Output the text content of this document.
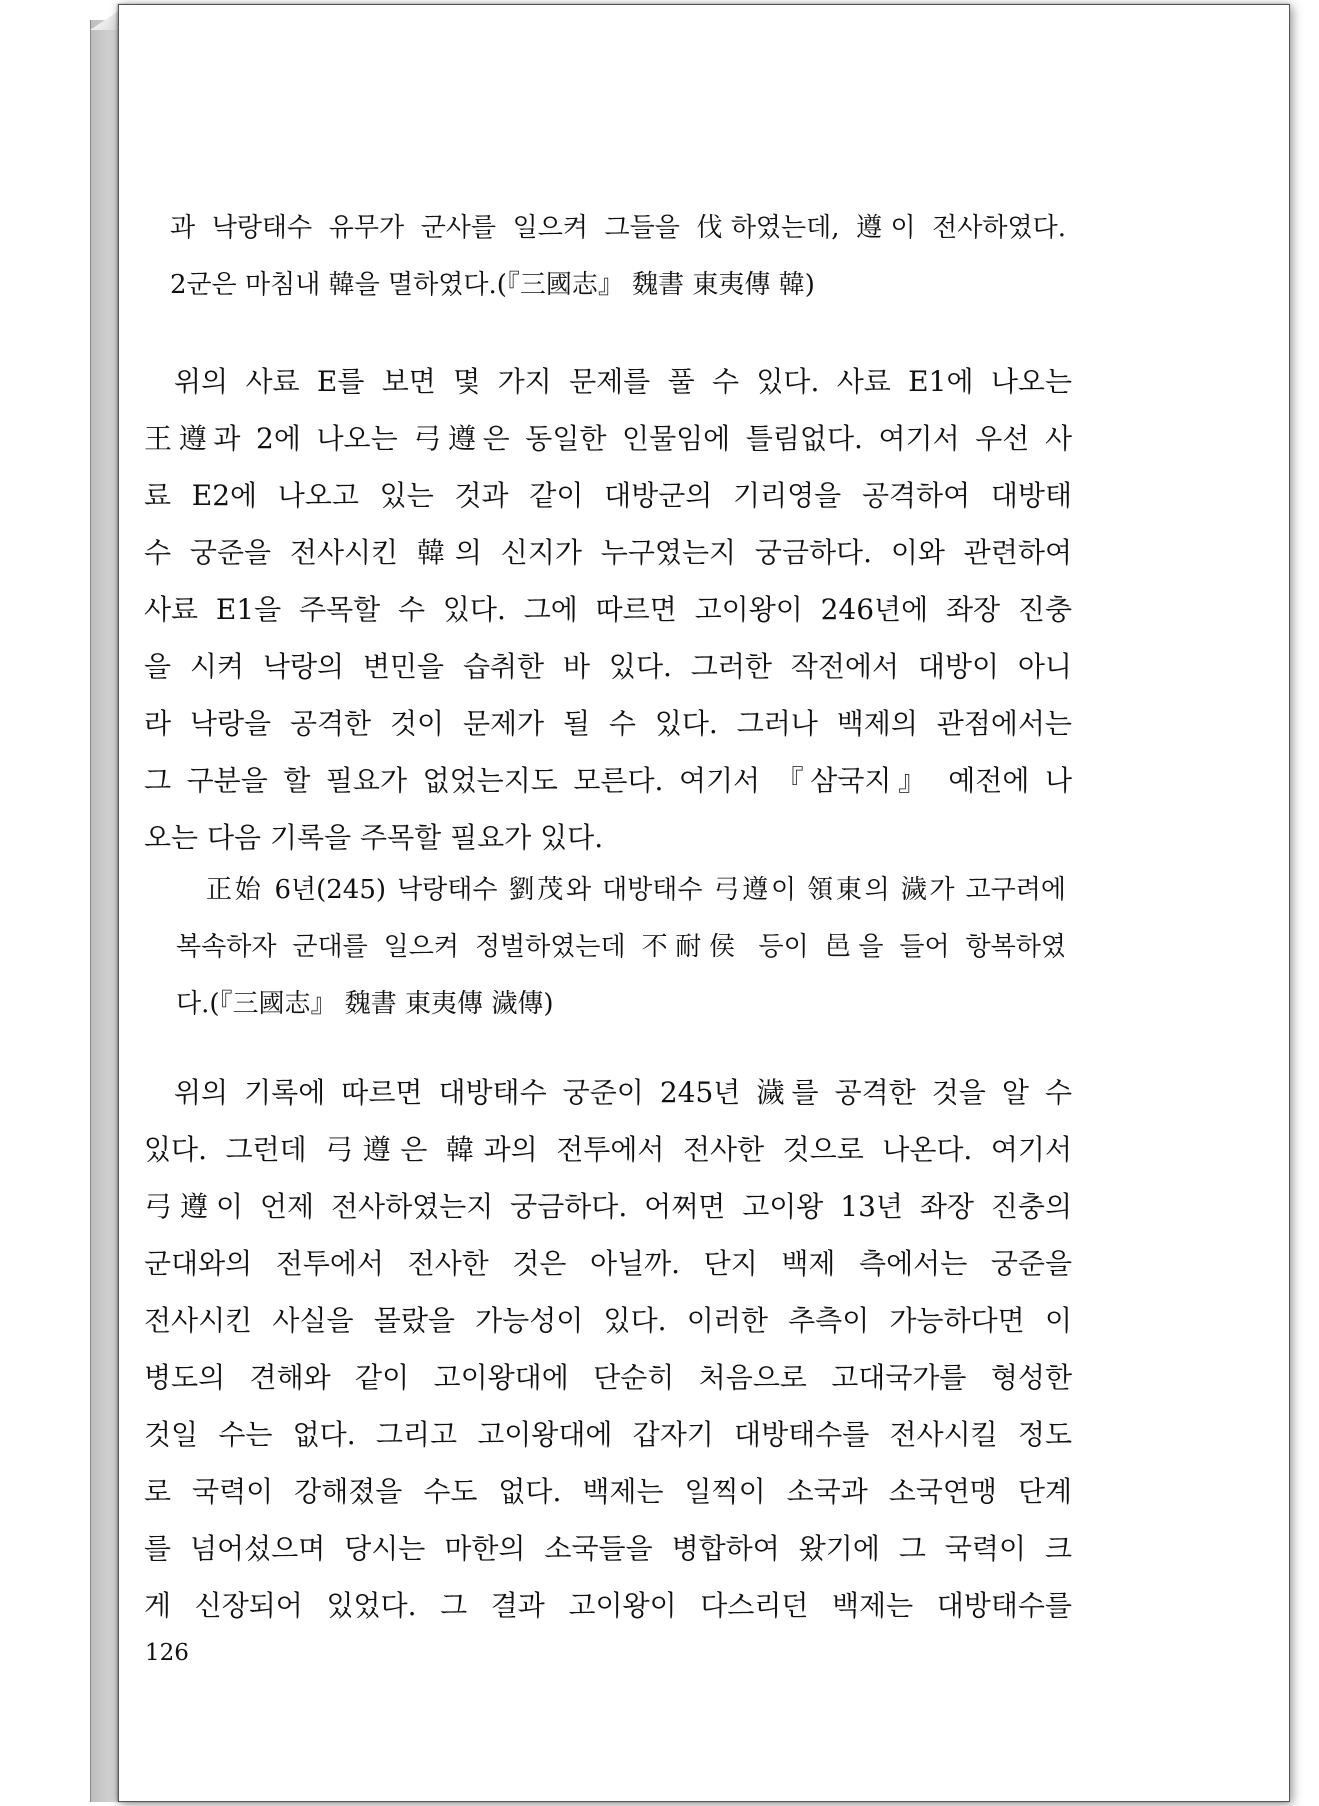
과 낙랑태수 유무가 군사를 일으켜 그들을 伐하였는데, 遵이 전사하였다.
2군은 마침내 韓을 멸하였다.(『三國志』 魏書 東夷傳 韓)
위의 사료 E를 보면 몇 가지 문제를 풀 수 있다. 사료 E1에 나오는
王遵과 2에 나오는 弓遵은 동일한 인물임에 틀림없다. 여기서 우선 사
료 E2에 나오고 있는 것과 같이 대방군의 기리영을 공격하여 대방태
수 궁준을 전사시킨 韓의 신지가 누구였는지 궁금하다. 이와 관련하여
사료 E1을 주목할 수 있다. 그에 따르면 고이왕이 246년에 좌장 진충
을 시켜 낙랑의 변민을 습취한 바 있다. 그러한 작전에서 대방이 아니
라 낙랑을 공격한 것이 문제가 될 수 있다. 그러나 백제의 관점에서는
그 구분을 할 필요가 없었는지도 모른다. 여기서 『삼국지』 예전에 나
오는 다음 기록을 주목할 필요가 있다.
正始 6년(245) 낙랑태수 劉茂와 대방태수 弓遵이 領東의 濊가 고구려에
복속하자 군대를 일으켜 정벌하였는데 不耐侯 등이 邑을 들어 항복하였
다.(『三國志』 魏書 東夷傳 濊傳)
위의 기록에 따르면 대방태수 궁준이 245년 濊를 공격한 것을 알 수
있다. 그런데 弓遵은 韓과의 전투에서 전사한 것으로 나온다. 여기서
弓遵이 언제 전사하였는지 궁금하다. 어쩌면 고이왕 13년 좌장 진충의
군대와의 전투에서 전사한 것은 아닐까. 단지 백제 측에서는 궁준을
전사시킨 사실을 몰랐을 가능성이 있다. 이러한 추측이 가능하다면 이
병도의 견해와 같이 고이왕대에 단순히 처음으로 고대국가를 형성한
것일 수는 없다. 그리고 고이왕대에 갑자기 대방태수를 전사시킬 정도
로 국력이 강해졌을 수도 없다. 백제는 일찍이 소국과 소국연맹 단계
를 넘어섰으며 당시는 마한의 소국들을 병합하여 왔기에 그 국력이 크
게 신장되어 있었다. 그 결과 고이왕이 다스리던 백제는 대방태수를
126
